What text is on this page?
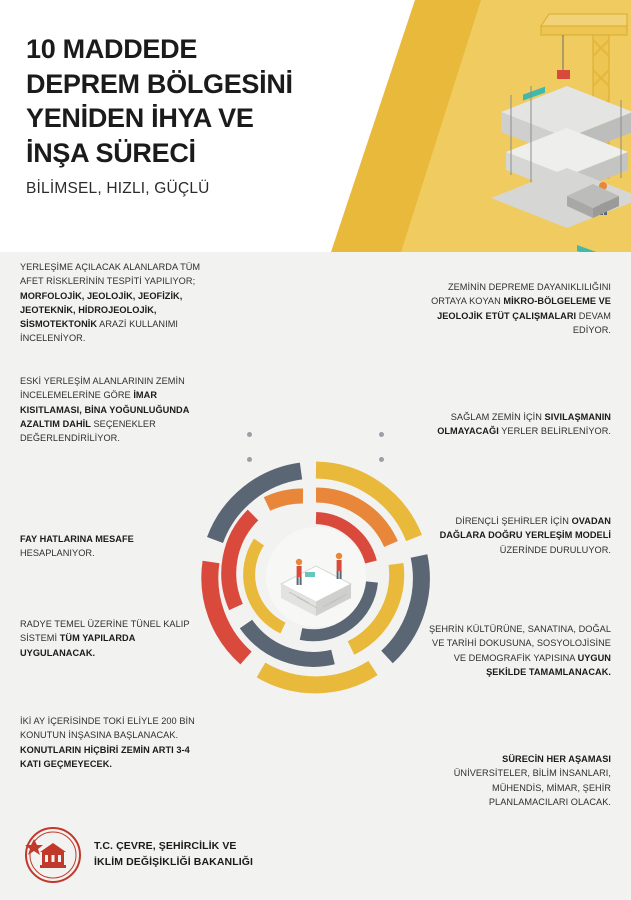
10 MADDEDE
DEPREM BÖLGESİNİ
YENİDEN İHYA VE
İNŞA SÜRECİ
BİLİMSEL, HIZLI, GÜÇLÜ

YERLEŞİME AÇILACAK ALANLARDA TÜM AFET RİSKLERİNİN TESPİTİ YAPILIYOR; MORFOLOJİK, JEOLOJİK, JEOFİZİK, JEOTEKNİK, HİDROJEOLOJİK, SİSMOTEKTONİK ARAZİ KULLANIMI İNCELENİYOR.

ESKİ YERLEŞİM ALANLARININ ZEMİN İNCELEMELERİNE GÖRE İMAR KISITLAMASI, BİNA YOĞUNLUĞUNDA AZALTIM DAHİL SEÇENEKLER DEĞERLENDİRİLİYOR.

FAY HATLARINA MESAFE HESAPLANIYOR.

RADYE TEMEL ÜZERİNE TÜNEL KALIP SİSTEMİ TÜM YAPILARDA UYGULANACAK.

İKİ AY İÇERİSİNDE TOKİ ELİYLE 200 BİN KONUTUN İNŞASINA BAŞLANACAK. KONUTLARIN HİÇBİRİ ZEMİN ARTI 3-4 KATI GEÇMEYECEK.

ZEMİNİN DEPREME DAYANIKLILIĞINI ORTAYA KOYAN MİKRO-BÖLGELEME VE JEOLOJİK ETÜT ÇALIŞMALARI DEVAM EDİYOR.

SAĞLAM ZEMİN İÇİN SIVILAŞMANIN OLMAYACAĞI YERLER BELİRLENİYOR.

DİRENÇLİ ŞEHİRLER İÇİN OVADAN DAĞLARA DOĞRU YERLEŞİM MODELİ ÜZERİNDE DURULUYOR.

ŞEHRİN KÜLTÜRÜNE, SANATINA, DOĞAL VE TARİHİ DOKUSUNA, SOSYOLOJİSİNE VE DEMOGRAFİK YAPISINA UYGUN ŞEKİLDE TAMAMLANACAK.

SÜRECİN HER AŞAMASI ÜNİVERSİTELER, BİLİM İNSANLARI, MÜHENDİS, MİMAR, ŞEHİR PLANLAMACILARI OLACAK.

T.C. ÇEVRE, ŞEHİRCİLİK VE
İKLİM DEĞİŞİKLİĞİ BAKANLIĞI
